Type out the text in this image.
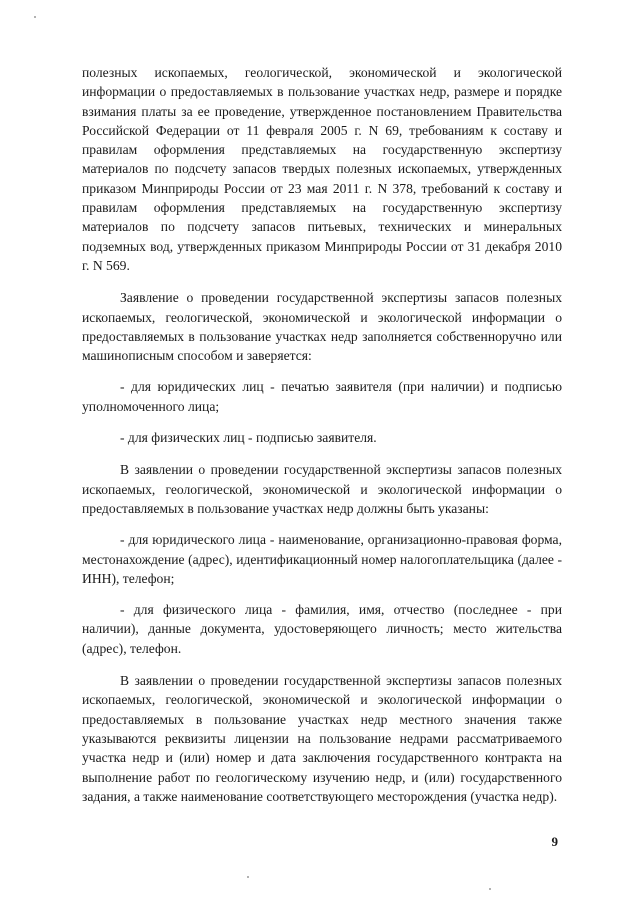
полезных ископаемых, геологической, экономической и экологической информации о предоставляемых в пользование участках недр, размере и порядке взимания платы за ее проведение, утвержденное постановлением Правительства Российской Федерации от 11 февраля 2005 г. N 69, требованиям к составу и правилам оформления представляемых на государственную экспертизу материалов по подсчету запасов твердых полезных ископаемых, утвержденных приказом Минприроды России от 23 мая 2011 г. N 378, требований к составу и правилам оформления представляемых на государственную экспертизу материалов по подсчету запасов питьевых, технических и минеральных подземных вод, утвержденных приказом Минприроды России от 31 декабря 2010 г. N 569.

Заявление о проведении государственной экспертизы запасов полезных ископаемых, геологической, экономической и экологической информации о предоставляемых в пользование участках недр заполняется собственноручно или машинописным способом и заверяется:

- для юридических лиц - печатью заявителя (при наличии) и подписью уполномоченного лица;

- для физических лиц - подписью заявителя.

В заявлении о проведении государственной экспертизы запасов полезных ископаемых, геологической, экономической и экологической информации о предоставляемых в пользование участках недр должны быть указаны:

- для юридического лица - наименование, организационно-правовая форма, местонахождение (адрес), идентификационный номер налогоплательщика (далее - ИНН), телефон;

- для физического лица - фамилия, имя, отчество (последнее - при наличии), данные документа, удостоверяющего личность; место жительства (адрес), телефон.

В заявлении о проведении государственной экспертизы запасов полезных ископаемых, геологической, экономической и экологической информации о предоставляемых в пользование участках недр местного значения также указываются реквизиты лицензии на пользование недрами рассматриваемого участка недр и (или) номер и дата заключения государственного контракта на выполнение работ по геологическому изучению недр, и (или) государственного задания, а также наименование соответствующего месторождения (участка недр).

9
